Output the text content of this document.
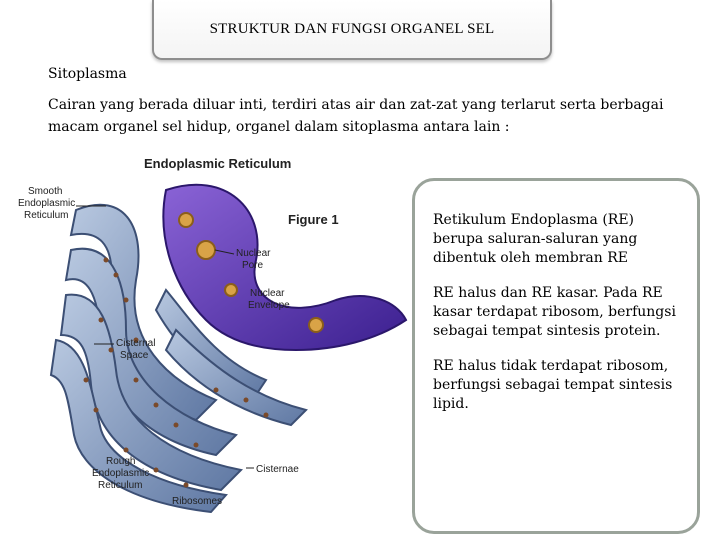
STRUKTUR DAN FUNGSI ORGANEL SEL
Sitoplasma
Cairan yang berada diluar inti, terdiri atas air dan zat-zat yang terlarut serta berbagai macam organel sel hidup, organel dalam sitoplasma antara lain :
Endoplasmic Reticulum
Figure 1
Smooth
Endoplasmic
Reticulum
Nuclear
Pore
Nuclear
Envelope
Cisternal
Space
Rough
Endoplasmic
Reticulum
Ribosomes
Cisternae

Retikulum Endoplasma (RE) berupa saluran-saluran yang dibentuk oleh membran RE

RE halus dan RE kasar. Pada RE kasar terdapat ribosom, berfungsi sebagai tempat sintesis protein.

RE halus tidak terdapat ribosom, berfungsi sebagai tempat sintesis lipid.
